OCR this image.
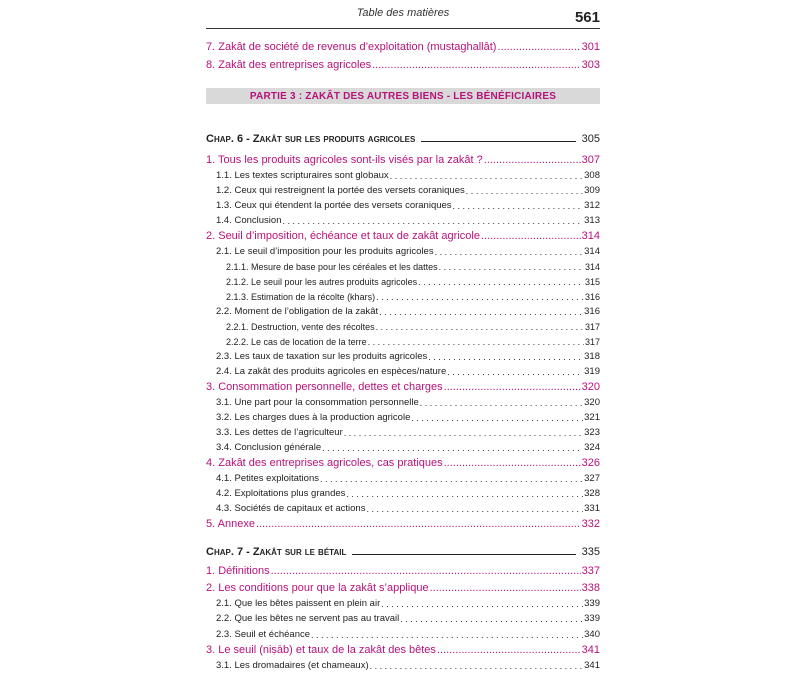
Table des matières	561
7. Zakât de société de revenus d’exploitation (mustaghallât) .....	301
8. Zakât des entreprises agricoles .....	303
PARTIE 3 : ZAKÂT DES AUTRES BIENS - LES BÉNÉFICIAIRES
Chap. 6 - Zakât sur les produits agricoles	305
1. Tous les produits agricoles sont-ils visés par la zakât ? .....	307
1.1. Les textes scripturaires sont globaux . . .	308
1.2. Ceux qui restreignent la portée des versets coraniques . . .	309
1.3. Ceux qui étendent la portée des versets coraniques . . .	312
1.4. Conclusion . . .	313
2. Seuil d’imposition, échéance et taux de zakât agricole .....	314
2.1. Le seuil d’imposition pour les produits agricoles . . .	314
2.1.1. Mesure de base pour les céréales et les dattes . . .	314
2.1.2. Le seuil pour les autres produits agricoles . . .	315
2.1.3. Estimation de la récolte (kharṣ) . . .	316
2.2. Moment de l’obligation de la zakât . . .	316
2.2.1. Destruction, vente des récoltes . . .	317
2.2.2. Le cas de location de la terre . . .	317
2.3. Les taux de taxation sur les produits agricoles . . .	318
2.4. La zakât des produits agricoles en espèces/nature . . .	319
3. Consommation personnelle, dettes et charges .....	320
3.1. Une part pour la consommation personnelle . . .	320
3.2. Les charges dues à la production agricole . . .	321
3.3. Les dettes de l’agriculteur . . .	323
3.4. Conclusion générale . . .	324
4. Zakât des entreprises agricoles, cas pratiques .....	326
4.1. Petites exploitations . . .	327
4.2. Exploitations plus grandes . . .	328
4.3. Sociétés de capitaux et actions . . .	331
5. Annexe .....	332
Chap. 7 - Zakât sur le bétail	335
1. Définitions .....	337
2. Les conditions pour que la zakât s’applique .....	338
2.1. Que les bêtes paissent en plein air . . .	339
2.2. Que les bêtes ne servent pas au travail . . .	339
2.3. Seuil et échéance . . .	340
3. Le seuil (niṣāb) et taux de la zakât des bêtes .....	341
3.1. Les dromadaires (et chameaux) . . .	341
